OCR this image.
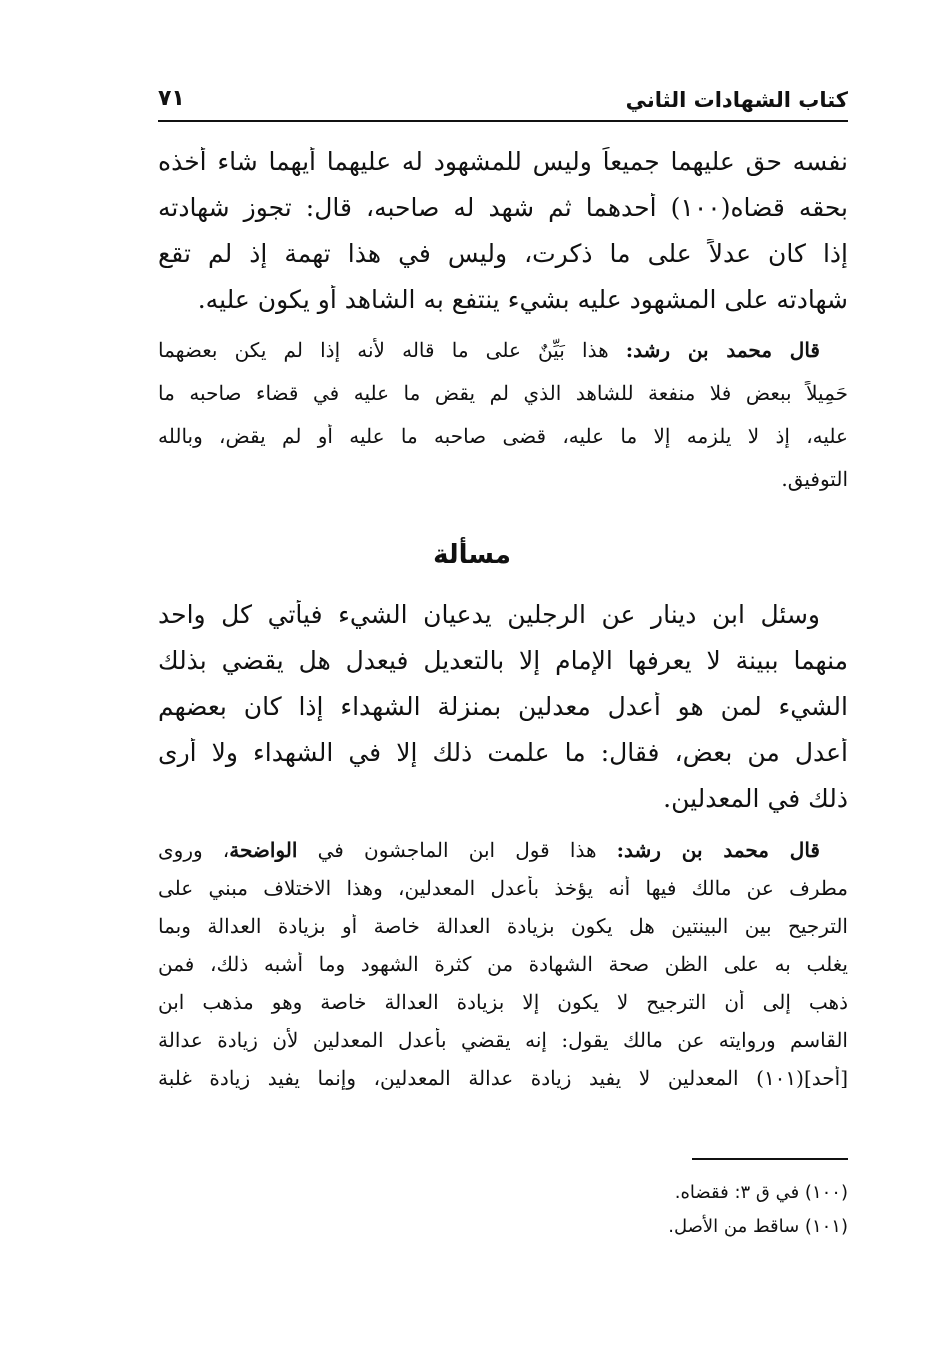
كتاب الشهادات الثاني
٧١
نفسه حق عليهما جميعاً وليس للمشهود له عليهما أيهما شاء أخذه
بحقه قضاه(١٠٠) أحدهما ثم شهد له صاحبه، قال: تجوز شهادته
إذا كان عدلاً على ما ذكرت، وليس في هذا تهمة إذ لم تقع
شهادته على المشهود عليه بشيء ينتفع به الشاهد أو يكون عليه.
قال محمد بن رشد: هذا بَيِّنٌ على ما قاله لأنه إذا لم يكن بعضهما
حَمِيلاً ببعض فلا منفعة للشاهد الذي لم يقض ما عليه في قضاء صاحبه ما
عليه، إذ لا يلزمه إلا ما عليه، قضى صاحبه ما عليه أو لم يقض، وبالله
التوفيق.
مسألة
وسئل ابن دينار عن الرجلين يدعيان الشيء فيأتي كل واحد
منهما ببينة لا يعرفها الإمام إلا بالتعديل فيعدل هل يقضي بذلك
الشيء لمن هو أعدل معدلين بمنزلة الشهداء إذا كان بعضهم
أعدل من بعض، فقال: ما علمت ذلك إلا في الشهداء ولا أرى
ذلك في المعدلين.
قال محمد بن رشد: هذا قول ابن الماجشون في الواضحة، وروى
مطرف عن مالك فيها أنه يؤخذ بأعدل المعدلين، وهذا الاختلاف مبني على
الترجيح بين البينتين هل يكون بزيادة العدالة خاصة أو بزيادة العدالة وبما
يغلب به على الظن صحة الشهادة من كثرة الشهود وما أشبه ذلك، فمن
ذهب إلى أن الترجيح لا يكون إلا بزيادة العدالة خاصة وهو مذهب ابن
القاسم وروايته عن مالك يقول: إنه يقضي بأعدل المعدلين لأن زيادة عدالة
[أحد](١٠١) المعدلين لا يفيد زيادة عدالة المعدلين، وإنما يفيد زيادة غلبة
(١٠٠) في ق ٣: فقضاه.
(١٠١) ساقط من الأصل.
